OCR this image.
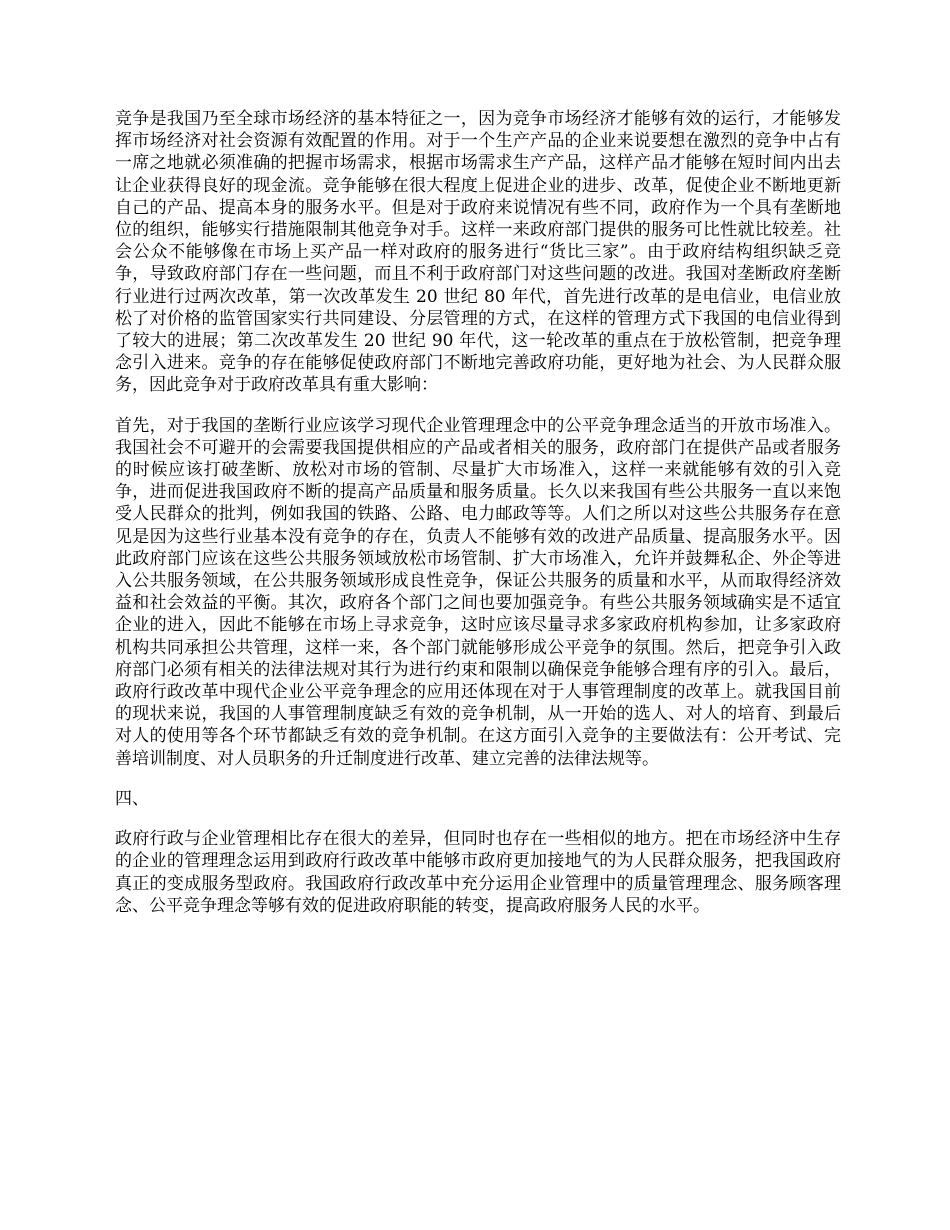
竞争是我国乃至全球市场经济的基本特征之一，因为竞争市场经济才能够有效的运行，才能够发挥市场经济对社会资源有效配置的作用。对于一个生产产品的企业来说要想在激烈的竞争中占有一席之地就必须准确的把握市场需求，根据市场需求生产产品，这样产品才能够在短时间内出去让企业获得良好的现金流。竞争能够在很大程度上促进企业的进步、改革，促使企业不断地更新自己的产品、提高本身的服务水平。但是对于政府来说情况有些不同，政府作为一个具有垄断地位的组织，能够实行措施限制其他竞争对手。这样一来政府部门提供的服务可比性就比较差。社会公众不能够像在市场上买产品一样对政府的服务进行“货比三家”。由于政府结构组织缺乏竞争，导致政府部门存在一些问题，而且不利于政府部门对这些问题的改进。我国对垄断政府垄断行业进行过两次改革，第一次改革发生 20 世纪 80 年代，首先进行改革的是电信业，电信业放松了对价格的监管国家实行共同建设、分层管理的方式，在这样的管理方式下我国的电信业得到了较大的进展；第二次改革发生 20 世纪 90 年代，这一轮改革的重点在于放松管制，把竞争理念引入进来。竞争的存在能够促使政府部门不断地完善政府功能，更好地为社会、为人民群众服务，因此竞争对于政府改革具有重大影响：

首先，对于我国的垄断行业应该学习现代企业管理理念中的公平竞争理念适当的开放市场准入。我国社会不可避开的会需要我国提供相应的产品或者相关的服务，政府部门在提供产品或者服务的时候应该打破垄断、放松对市场的管制、尽量扩大市场准入，这样一来就能够有效的引入竞争，进而促进我国政府不断的提高产品质量和服务质量。长久以来我国有些公共服务一直以来饱受人民群众的批判，例如我国的铁路、公路、电力邮政等等。人们之所以对这些公共服务存在意见是因为这些行业基本没有竞争的存在，负责人不能够有效的改进产品质量、提高服务水平。因此政府部门应该在这些公共服务领域放松市场管制、扩大市场准入，允许并鼓舞私企、外企等进入公共服务领域，在公共服务领域形成良性竞争，保证公共服务的质量和水平，从而取得经济效益和社会效益的平衡。其次，政府各个部门之间也要加强竞争。有些公共服务领域确实是不适宜企业的进入，因此不能够在市场上寻求竞争，这时应该尽量寻求多家政府机构参加，让多家政府机构共同承担公共管理，这样一来，各个部门就能够形成公平竞争的氛围。然后，把竞争引入政府部门必须有相关的法律法规对其行为进行约束和限制以确保竞争能够合理有序的引入。最后，政府行政改革中现代企业公平竞争理念的应用还体现在对于人事管理制度的改革上。就我国目前的现状来说，我国的人事管理制度缺乏有效的竞争机制，从一开始的选人、对人的培育、到最后对人的使用等各个环节都缺乏有效的竞争机制。在这方面引入竞争的主要做法有：公开考试、完善培训制度、对人员职务的升迁制度进行改革、建立完善的法律法规等。

四、

政府行政与企业管理相比存在很大的差异，但同时也存在一些相似的地方。把在市场经济中生存的企业的管理理念运用到政府行政改革中能够市政府更加接地气的为人民群众服务，把我国政府真正的变成服务型政府。我国政府行政改革中充分运用企业管理中的质量管理理念、服务顾客理念、公平竞争理念等够有效的促进政府职能的转变，提高政府服务人民的水平。
